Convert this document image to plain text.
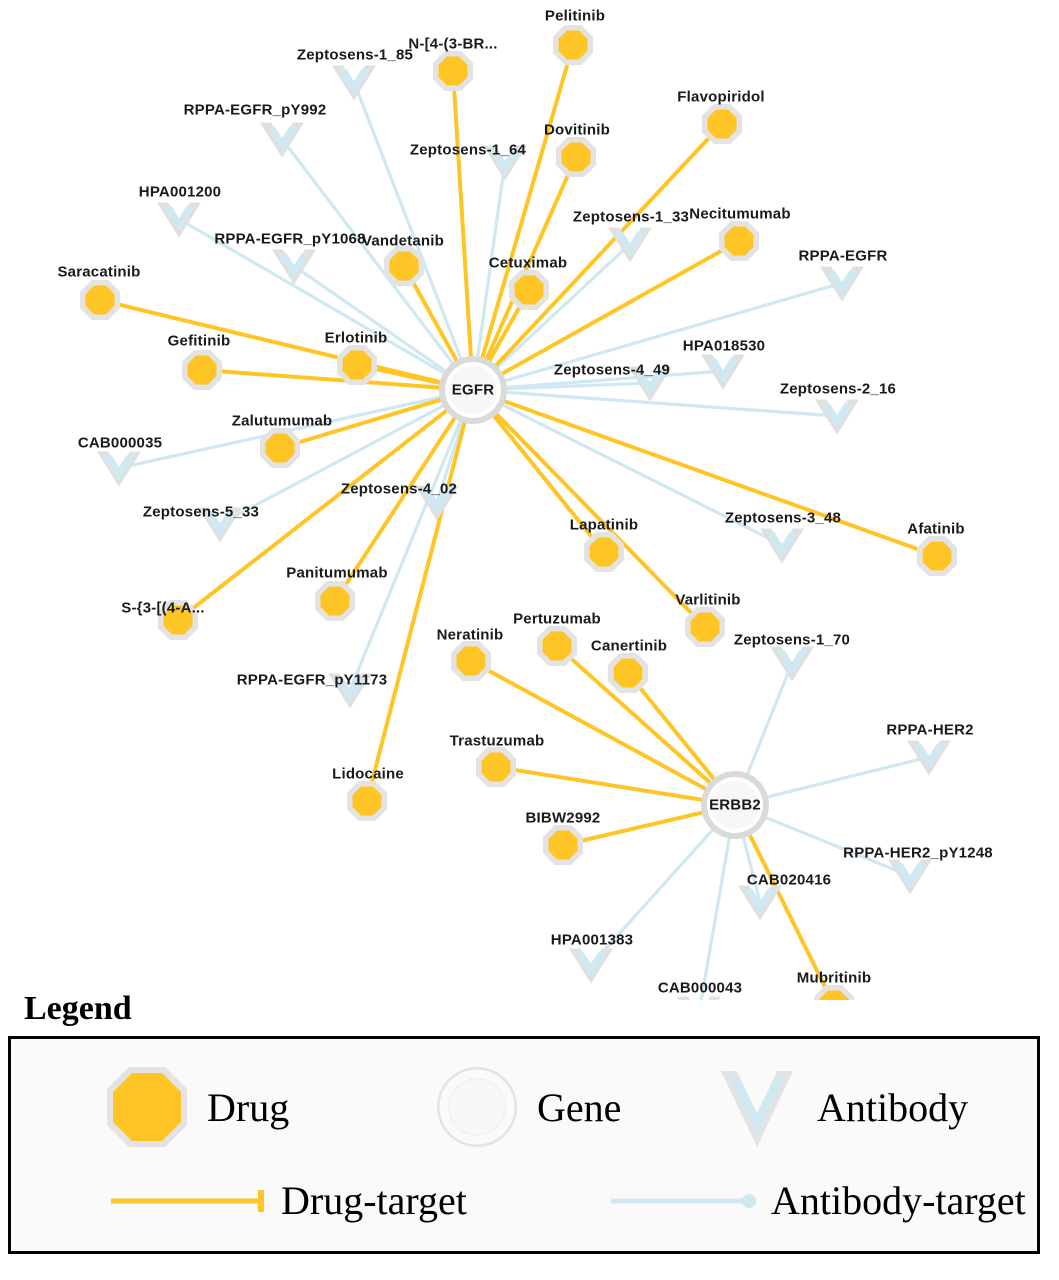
Pelitinib
N-[4-(3-BR...
Flavopiridol
Dovitinib
Necitumumab
Vandetanib
Cetuximab
Saracatinib
Erlotinib
Gefitinib
Zalutumumab
Afatinib
Lapatinib
Panitumumab
Varlitinib
S-{3-[(4-A...
Pertuzumab
Neratinib
Canertinib
Trastuzumab
Lidocaine
BIBW2992
Mubritinib
Zeptosens-1_85
RPPA-EGFR_pY992
Zeptosens-1_64
HPA001200
Zeptosens-1_33
RPPA-EGFR_pY1068
RPPA-EGFR
HPA018530
Zeptosens-4_49
Zeptosens-2_16
CAB000035
Zeptosens-5_33
Zeptosens-4_02
Zeptosens-3_48
Zeptosens-1_70
RPPA-EGFR_pY1173
RPPA-HER2
RPPA-HER2_pY1248
CAB020416
HPA001383
CAB000043
EGFR
ERBB2
Legend
Drug	Gene	Antibody
Drug-target	Antibody-target
